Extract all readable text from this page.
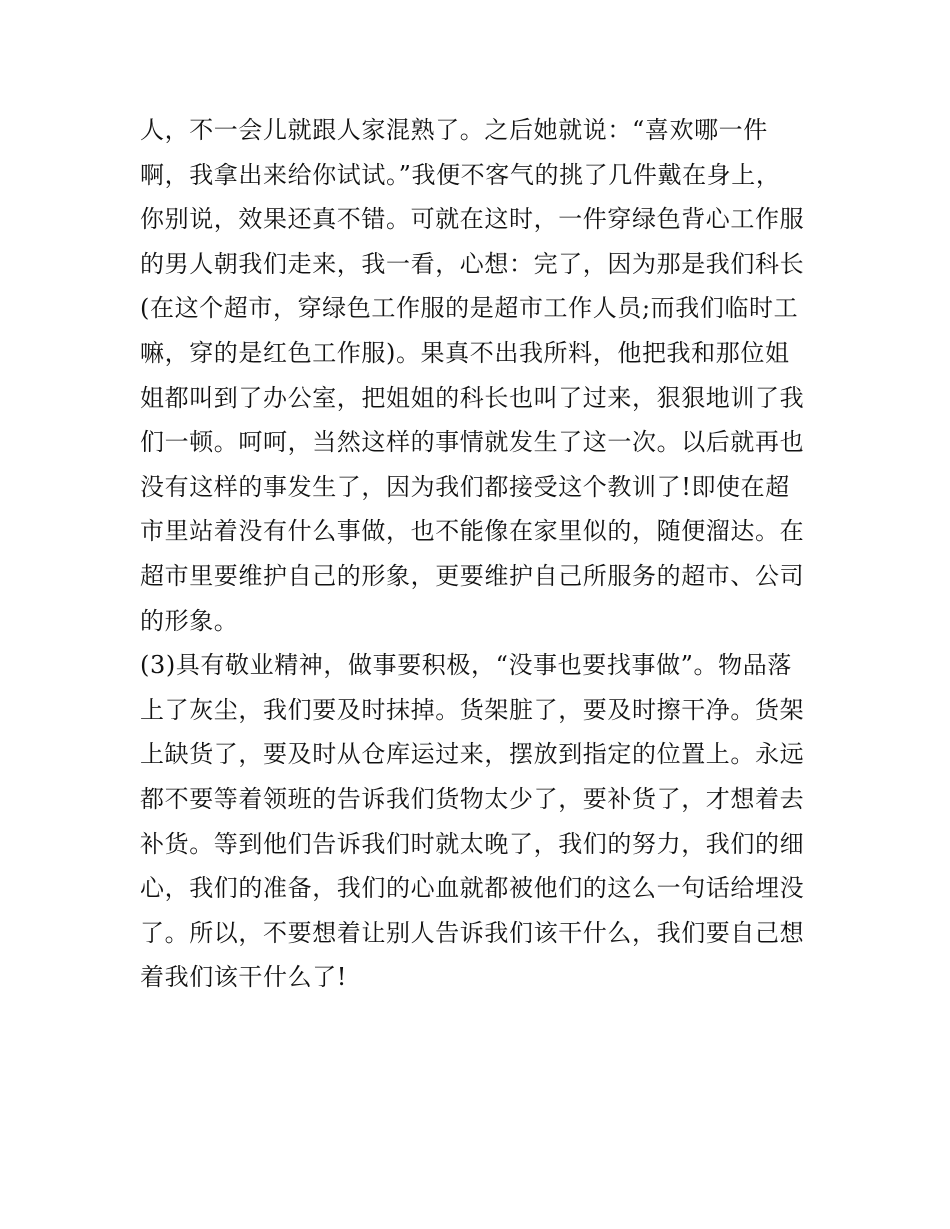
人，不一会儿就跟人家混熟了。之后她就说：“喜欢哪一件
啊，我拿出来给你试试。”我便不客气的挑了几件戴在身上，
你别说，效果还真不错。可就在这时，一件穿绿色背心工作服
的男人朝我们走来，我一看，心想：完了，因为那是我们科长
(在这个超市，穿绿色工作服的是超市工作人员;而我们临时工
嘛，穿的是红色工作服)。果真不出我所料，他把我和那位姐
姐都叫到了办公室，把姐姐的科长也叫了过来，狠狠地训了我
们一顿。呵呵，当然这样的事情就发生了这一次。以后就再也
没有这样的事发生了，因为我们都接受这个教训了!即使在超
市里站着没有什么事做，也不能像在家里似的，随便溜达。在
超市里要维护自己的形象，更要维护自己所服务的超市、公司
的形象。
(3)具有敬业精神，做事要积极，“没事也要找事做”。物品落
上了灰尘，我们要及时抹掉。货架脏了，要及时擦干净。货架
上缺货了，要及时从仓库运过来，摆放到指定的位置上。永远
都不要等着领班的告诉我们货物太少了，要补货了，才想着去
补货。等到他们告诉我们时就太晚了，我们的努力，我们的细
心，我们的准备，我们的心血就都被他们的这么一句话给埋没
了。所以，不要想着让别人告诉我们该干什么，我们要自己想
着我们该干什么了!
